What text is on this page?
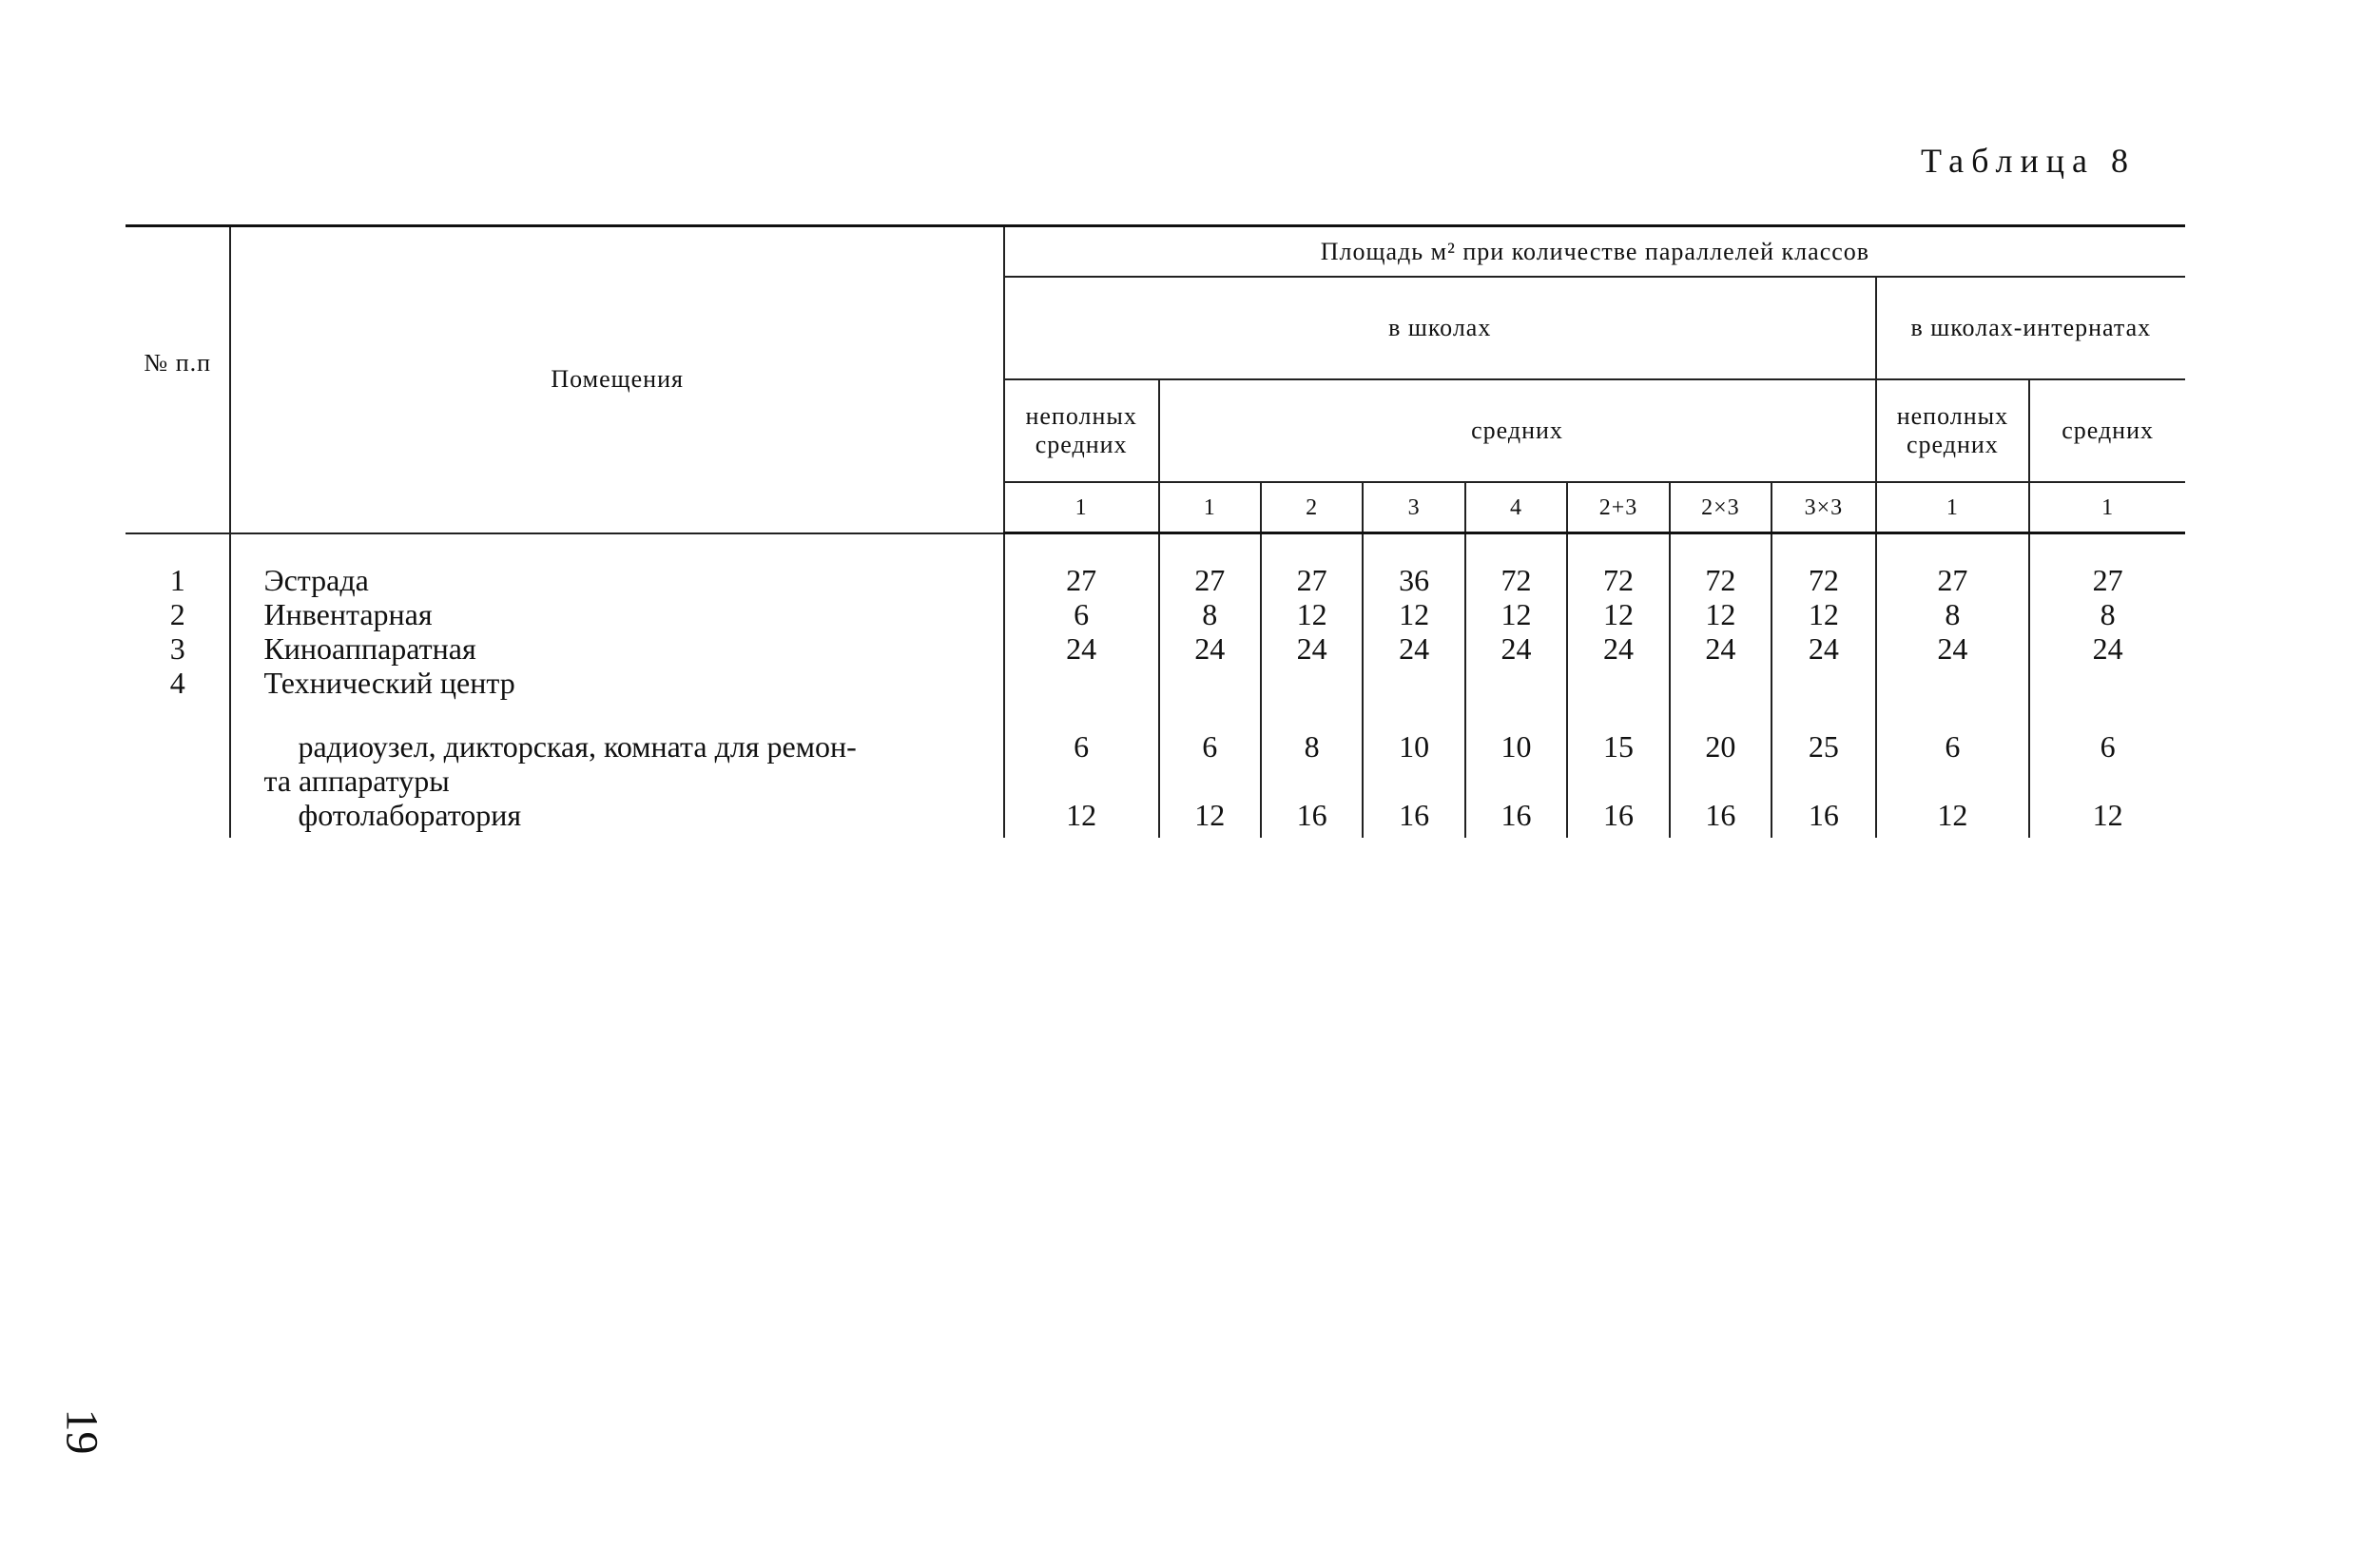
Таблица 8
№ п.п	Помещения	Площадь м² при количестве параллелей классов									
		в школах								в школах-интернатах	
		неполных средних	средних							неполных средних	средних
		1	1	2	3	4	2+3	2×3	3×3	1	1
1	Эстрада	27	27	27	36	72	72	72	72	27	27
2	Инвентарная	6	8	12	12	12	12	12	12	8	8
3	Киноаппаратная	24	24	24	24	24	24	24	24	24	24
4	Технический центр										

	радиоузел, дикторская, комната для ремон-
та аппаратуры	6	6	8	10	10	15	20	25	6	6
	фотолаборатория	12	12	16	16	16	16	16	16	12	12
19
